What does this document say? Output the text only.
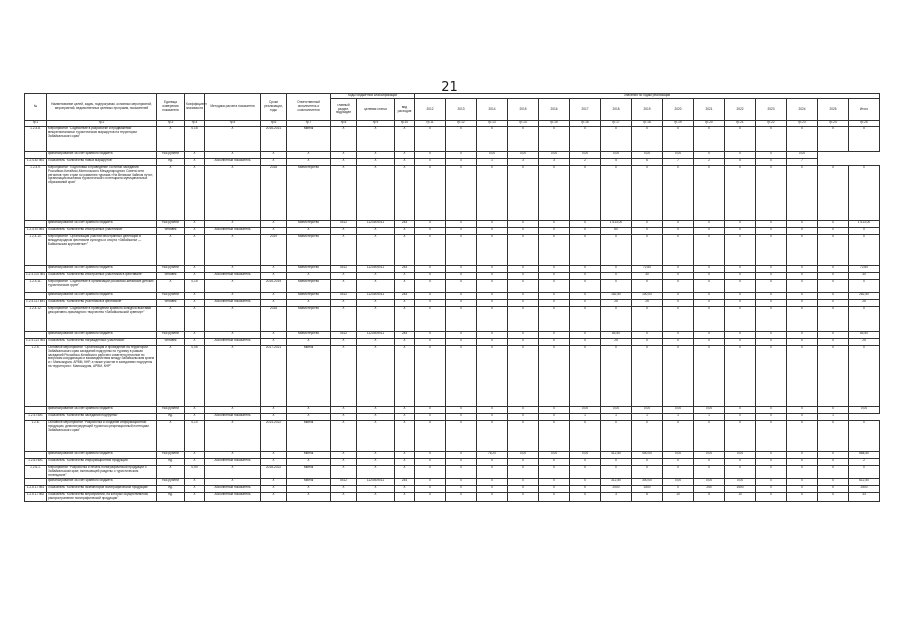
21
№	Наименование целей, задач, подпрограмм, основных мероприятий, мероприятий, ведомственных целевых программ, показателей	Единица измерения показателя	Коэффициент значимости	Методика расчета показателя	Сроки реализации, годы	Ответственный исполнитель и соисполнители	Коды бюджетной классификации			Значения по годам реализации														
							главный раздел, подраздел	целевая статья	вид расходов	2012	2013	2014	2015	2016	2017	2018	2019	2020	2021	2022	2023	2024	2025	Итого
гр.1	гр.2	гр.3	гр.4	гр.5	гр.6	гр.7	гр.8	гр.9	гр.10	гр.11	гр.12	гр.13	гр.14	гр.15	гр.16	гр.17	гр.18	гр.19	гр.20	гр.21	гр.22	гр.23	гр.24	гр.25
1.2.4.8.	Мероприятие "Содействие в разработке и продвижении межрегиональных туристических маршрутов на территории Забайкальского края"	X	0,15	X	2016-2021	Минэк	X	X	X	X	X	X	X	X	X	X	X	X	X	X	X	X	X	X
	финансирование за счет краевого бюджета	тыс.рублей	X	X	X	X	X	X	X	X	X	0,00	0,00	0,00	0,00	0,00	0,00	0,00	X	X	X	0,00		
1.2.4.8.ПМ1	Показатель "Количество новых маршрутов"	ед.	X	Абсолютный показатель	X	X	X	X	X	0	0	1	3	3	2	5	6	7	2	5	X	7		
1.2.4.9.	Мероприятие "Подготовка и проведение Гостиной заседания Российско-Китайско-Монгольского Международного Совета сети регионов трех стран по развитию туризма «На Великом Чайном пути», организация выставок туристического потенциала муниципальных образований края"	X	X	X	2018	Министерство	X	X	X	X	X	X	X	X	X	X	X	X	X	X	X	X	X	X
	финансирование за счет краевого бюджета	тыс.рублей	X	X	X	Министерство	0412	1120409011	244	X	X	X	X	X	X	1 613,00	X	X	X	X	X	X	X	1 613,00
1.2.4.9.ПМ1	Показатель "Количество иностранных участников"	человек	X	Абсолютный показатель	X	X	X	X	X	X	X	X	X	X	X	60	X	X	X	X	X	X	X	X
1.2.4.10.	Мероприятие "Организация участия иностранных делегаций в международном фестивале культуры и спорта «Забайкалье — Байкальская кругосветка»"	X	X	X	2019	Министерство	X	X	X	X	X	X	X	X	X	X	X	X	X	X	X	X	X	X
	финансирование за счет краевого бюджета	тыс.рублей	X	X	X	Министерство	0412	1120409011	244	X	X	X	X	X	X	X	72,60	X	X	X	X	X	X	72,60
1.2.4.10.ПМ1	Показатель "Количество иностранных участников в фестивале"	человек	X	Абсолютный показатель	X	X	X	X	X	X	X	X	X	X	X	X	30	X	X	X	X	X	X	30
1.2.4.11.	Мероприятие "Содействие в организации российско-китайских детских туристических групп"	X	0,15	X	2016-2019	Министерство	X	X	X	X	X	X	X	X	X	X	X	X	X	X	X	X	X	X
	финансирование за счет краевого бюджета	тыс.рублей	X	X	X	Министерство	0412	1120409011	244	X	X	X	X	X	X	182,50	100,00	X	X	X	X	X	X	282,50
1.2.4.11.ПМ1	Показатель "Количество участников в фестивале"	человек	X	Абсолютный показатель	X	X	X	X	X	X	X	X	X	X	X	25	25	X	X	X	X	X	X	25
1.2.4.12.	Мероприятие "Содействие в проведении краевого конкурса выставки декоративно-прикладного творчества «Забайкальский сувенир»"	X	X	X	2018	Министерство	X	X	X	X	X	X	X	X	X	X	X	X	X	X	X	X	X	X
	финансирование за счет краевого бюджета	тыс.рублей	X	X	X	Министерство	0412	1120409011	244	X	X	X	X	X	X	84,50	X	X	X	X	X	X	X	84,50
1.2.4.12.ПМ1	Показатель "Количество награжденных участников"	человек	X	Абсолютный показатель	X	X	X	X	X	X	X	X	X	X	X	25	X	X	X	X	X	X	X	25
1.2.5.	Основное мероприятие "Организация и проведение на территории Забайкальского края заседаний подгруппы по туризму в рамках заседаний Российско-Китайского рабочего комитета регионов по вопросам координации и взаимодействия между Забайкальским краем и г. Маньчжурия, АРВМ, КНР, а также участие в заседаниях подгруппы на территории г. Маньчжурия, АРВМ, КНР"	X	0,05	X	2017-2021	Минэк	X	X	X	X	X	X	X	X	X	X	X	X	X	X	X	X	X	X
	финансирование за счет краевого бюджета	тыс.рублей	X	X	X	X	X	X	X	X	X	X	X	X	0,00	0,00	0,00	0,00	0,00	X	X	X	X	0,00
1.2.5.ПМ1	Показатель "Количество заседаний подгруппы"	ед.	X	Абсолютный показатель	X	X	X	X	X	X	X	X	X	X	1	1	1	1	1	X	X	X	1	
1.2.6.	Основное мероприятие "Разработка и создание информационной продукции, демонстрирующей туристско-рекреационный потенциал Забайкальского края"	X	0,10	X	2014-2022	Минэк	X	X	X	X	X	X	X	X	X	X	X	X	X	X	X	X	X	X
	финансирование за счет краевого бюджета	тыс.рублей	X	X	X	Минэк	X	X	X	X	X	76,20	0,00	0,00	0,00	412,50	400,00	0,00	0,00	0,00	X	X	X	888,50
1.2.6.ПМ1	Показатель "Количество информационной продукции"	ед.	X	Абсолютный показатель	X	X	X	X	X	X	X	X	X	X	X	X	X	X	X	X	X	X	X	2
1.2.6.1.	Мероприятие "Разработка и печать полиграфической продукции о Забайкальском крае, включающей разделы о туристическом потенциале"	X	0,90	X	2018-2022	Минэк	X	X	X	X	X	X	X	X	X	X	X	X	X	X	X	X	X	X
	финансирование за счет краевого бюджета	тыс.рублей	X	X	X	Минэк	0412	1120409011	244	X	X	X	X	X	X	312,50	300,00	0,00	0,00	0,00	X	X	X	612,50
1.2.6.1.ПМ1	Показатель "Количество экземпляров полиграфической продукции"	ед.	X	Абсолютный показатель	X	X	X	X	X	X	X	X	X	X	X	2000	1500	0	250	1500	X	X	X	2500
1.2.6.1.ПМ2	Показатель "Количество мероприятий, на которых осуществлялось распространение полиграфической продукции"	ед.	X	Абсолютный показатель	X	X	X	X	X	X	X	X	X	X	X	3	6	10	5	10	X	X	X	33
